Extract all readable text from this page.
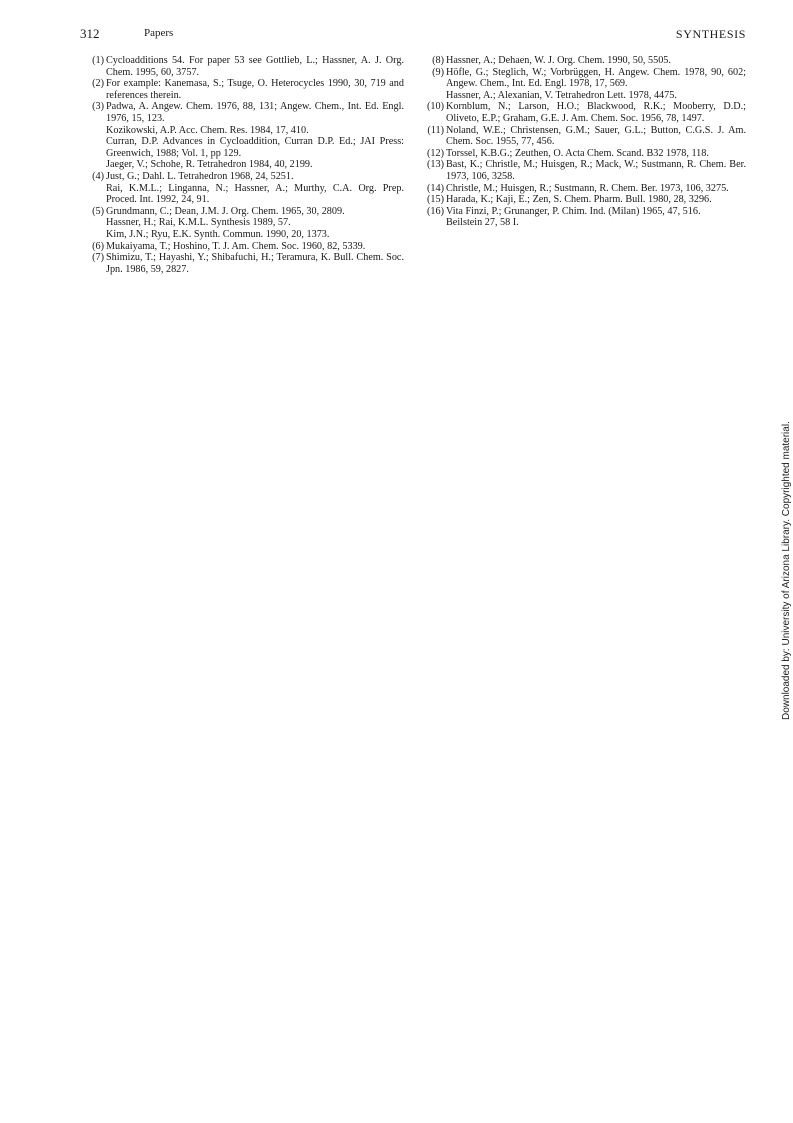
312	Papers	SYNTHESIS
(1) Cycloadditions 54. For paper 53 see Gottlieb, L.; Hassner, A. J. Org. Chem. 1995, 60, 3757.

(2) For example: Kanemasa, S.; Tsuge, O. Heterocycles 1990, 30, 719 and references therein.

(3) Padwa, A. Angew. Chem. 1976, 88, 131; Angew. Chem., Int. Ed. Engl. 1976, 15, 123.

Kozikowski, A.P. Acc. Chem. Res. 1984, 17, 410.

Curran, D.P. Advances in Cycloaddition, Curran D.P. Ed.; JAI Press: Greenwich, 1988; Vol. 1, pp 129.

Jaeger, V.; Schohe, R. Tetrahedron 1984, 40, 2199.

(4) Just, G.; Dahl. L. Tetrahedron 1968, 24, 5251.

Rai, K.M.L.; Linganna, N.; Hassner, A.; Murthy, C.A. Org. Prep. Proced. Int. 1992, 24, 91.

(5) Grundmann, C.; Dean, J.M. J. Org. Chem. 1965, 30, 2809.

Hassner, H.; Rai, K.M.L. Synthesis 1989, 57.

Kim, J.N.; Ryu, E.K. Synth. Commun. 1990, 20, 1373.

(6) Mukaiyama, T.; Hoshino, T. J. Am. Chem. Soc. 1960, 82, 5339.

(7) Shimizu, T.; Hayashi, Y.; Shibafuchi, H.; Teramura, K. Bull. Chem. Soc. Jpn. 1986, 59, 2827.

(8) Hassner, A.; Dehaen, W. J. Org. Chem. 1990, 50, 5505.

(9) Höfle, G.; Steglich, W.; Vorbrüggen, H. Angew. Chem. 1978, 90, 602; Angew. Chem., Int. Ed. Engl. 1978, 17, 569.

Hassner, A.; Alexanian, V. Tetrahedron Lett. 1978, 4475.

(10) Kornblum, N.; Larson, H.O.; Blackwood, R.K.; Mooberry, D.D.; Oliveto, E.P.; Graham, G.E. J. Am. Chem. Soc. 1956, 78, 1497.

(11) Noland, W.E.; Christensen, G.M.; Sauer, G.L.; Button, C.G.S. J. Am. Chem. Soc. 1955, 77, 456.

(12) Torssel, K.B.G.; Zeuthen, O. Acta Chem. Scand. B32 1978, 118.

(13) Bast, K.; Christle, M.; Huisgen, R.; Mack, W.; Sustmann, R. Chem. Ber. 1973, 106, 3258.

(14) Christle, M.; Huisgen, R.; Sustmann, R. Chem. Ber. 1973, 106, 3275.

(15) Harada, K.; Kaji, E.; Zen, S. Chem. Pharm. Bull. 1980, 28, 3296.

(16) Vita Finzi, P.; Grunanger, P. Chim. Ind. (Milan) 1965, 47, 516.

Beilstein 27, 58 I.

Downloaded by: University of Arizona Library. Copyrighted material.
